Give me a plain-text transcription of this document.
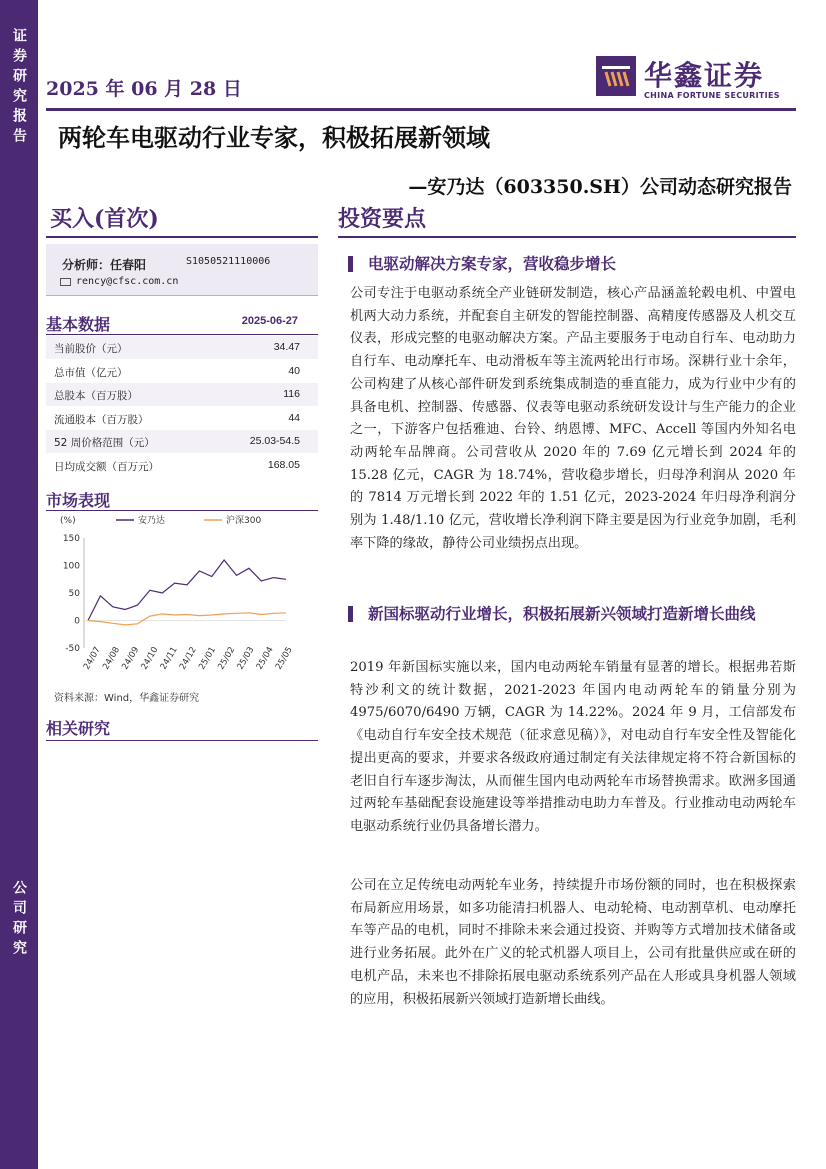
证券研究报告
公司研究
2025 年 06 月 28 日	华鑫证券
CHINA FORTUNE SECURITIES
两轮车电驱动行业专家，积极拓展新领域
—安乃达（603350.SH）公司动态研究报告
买入(首次)
分析师：任春阳	S1050521110006
rency@cfsc.com.cn
基本数据	2025-06-27
当前股价（元）	34.47
总市值（亿元）	40
总股本（百万股）	116
流通股本（百万股）	44
52 周价格范围（元）	25.03-54.5
日均成交额（百万元）	168.05
市场表现
(%)	安乃达	沪深300
150
100
50
0
-50 24/07
24/08
24/09
24/10
24/11
24/12
25/01
25/02
25/03
25/04
25/05
资料来源：Wind，华鑫证券研究
相关研究
投资要点
电驱动解决方案专家，营收稳步增长
公司专注于电驱动系统全产业链研发制造，核心产品涵盖轮毂电机、中置电机两大动力系统，并配套自主研发的智能控制器、高精度传感器及人机交互仪表，形成完整的电驱动解决方案。产品主要服务于电动自行车、电动助力自行车、电动摩托车、电动滑板车等主流两轮出行市场。深耕行业十余年，公司构建了从核心部件研发到系统集成制造的垂直能力，成为行业中少有的具备电机、控制器、传感器、仪表等电驱动系统研发设计与生产能力的企业之一，下游客户包括雅迪、台铃、纳恩博、MFC、Accell 等国内外知名电动两轮车品牌商。公司营收从 2020 年的 7.69 亿元增长到 2024 年的 15.28 亿元，CAGR 为 18.74%，营收稳步增长，归母净利润从 2020 年的 7814 万元增长到 2022 年的 1.51 亿元，2023-2024 年归母净利润分别为 1.48/1.10 亿元，营收增长净利润下降主要是因为行业竞争加剧，毛利率下降的缘故，静待公司业绩拐点出现。
新国标驱动行业增长，积极拓展新兴领域打造新增长曲线
2019 年新国标实施以来，国内电动两轮车销量有显著的增长。根据弗若斯特沙利文的统计数据，2021-2023 年国内电动两轮车的销量分别为 4975/6070/6490 万辆，CAGR 为 14.22%。2024 年 9 月，工信部发布《电动自行车安全技术规范（征求意见稿）》，对电动自行车安全性及智能化提出更高的要求，并要求各级政府通过制定有关法律规定将不符合新国标的老旧自行车逐步淘汰，从而催生国内电动两轮车市场替换需求。欧洲多国通过两轮车基础配套设施建设等举措推动电助力车普及。行业推动电动两轮车电驱动系统行业仍具备增长潜力。
公司在立足传统电动两轮车业务，持续提升市场份额的同时，也在积极探索布局新应用场景，如多功能清扫机器人、电动轮椅、电动割草机、电动摩托车等产品的电机，同时不排除未来会通过投资、并购等方式增加技术储备或进行业务拓展。此外在广义的轮式机器人项目上，公司有批量供应或在研的电机产品，未来也不排除拓展电驱动系统系列产品在人形或具身机器人领域的应用，积极拓展新兴领域打造新增长曲线。
